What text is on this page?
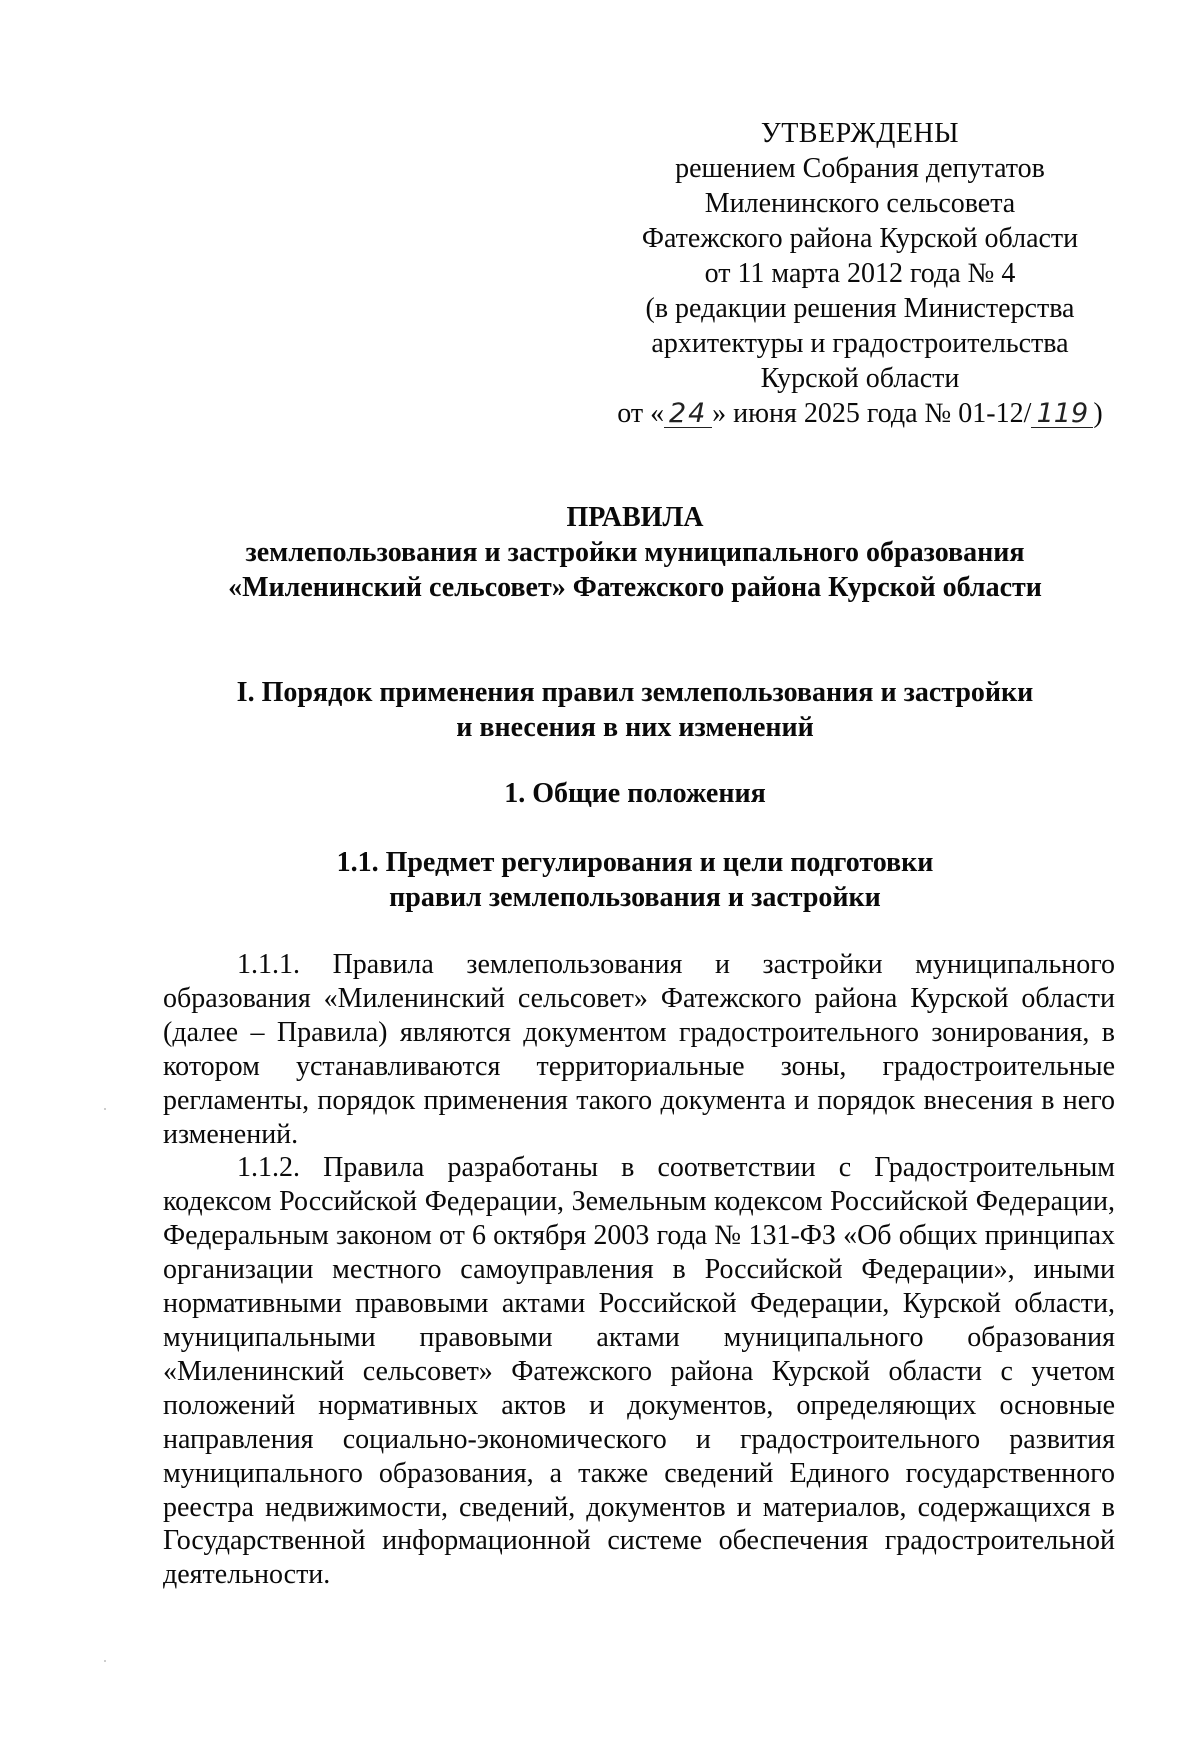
УТВЕРЖДЕНЫ
решением Собрания депутатов
Миленинского сельсовета
Фатежского района Курской области
от 11 марта 2012 года № 4
(в редакции решения Министерства
архитектуры и градостроительства
Курской области
от « 24 » июня 2025 года № 01-12/ 119 )
ПРАВИЛА
землепользования и застройки муниципального образования
«Миленинский сельсовет» Фатежского района Курской области
I. Порядок применения правил землепользования и застройки
и внесения в них изменений
1. Общие положения
1.1. Предмет регулирования и цели подготовки
правил землепользования и застройки

1.1.1. Правила землепользования и застройки муниципального образования «Миленинский сельсовет» Фатежского района Курской области (далее – Правила) являются документом градостроительного зонирования, в котором устанавливаются территориальные зоны, градостроительные регламенты, порядок применения такого документа и порядок внесения в него изменений.

1.1.2. Правила разработаны в соответствии с Градостроительным кодексом Российской Федерации, Земельным кодексом Российской Федерации, Федеральным законом от 6 октября 2003 года № 131-ФЗ «Об общих принципах организации местного самоуправления в Российской Федерации», иными нормативными правовыми актами Российской Федерации, Курской области, муниципальными правовыми актами муниципального образования «Миленинский сельсовет» Фатежского района Курской области с учетом положений нормативных актов и документов, определяющих основные направления социально-экономического и градостроительного развития муниципального образования, а также сведений Единого государственного реестра недвижимости, сведений, документов и материалов, содержащихся в Государственной информационной системе обеспечения градостроительной деятельности.
